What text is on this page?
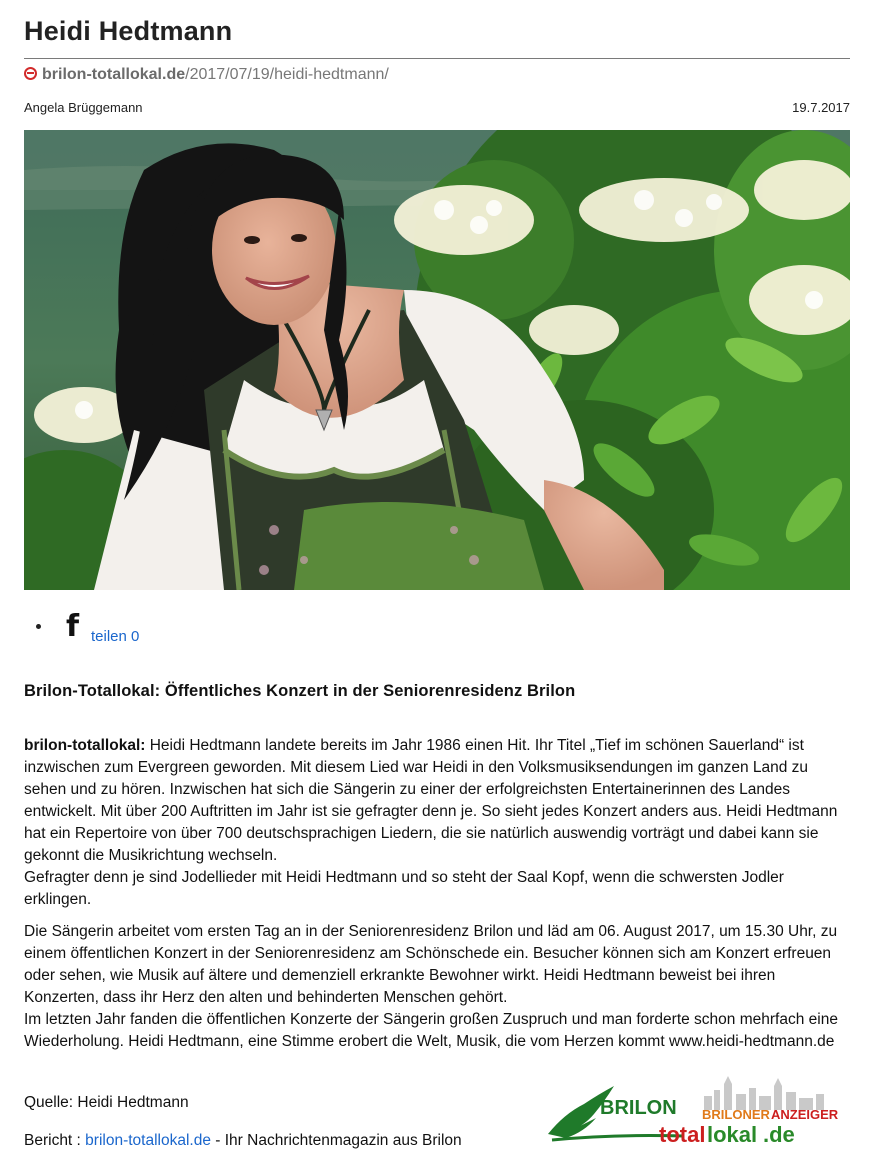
Heidi Hedtmann
brilon-totallokal.de/2017/07/19/heidi-hedtmann/
Angela Brüggemann	19.7.2017
f teilen 0
Brilon-Totallokal: Öffentliches Konzert in der Seniorenresidenz Brilon

brilon-totallokal: Heidi Hedtmann landete bereits im Jahr 1986 einen Hit. Ihr Titel „Tief im schönen Sauerland“ ist inzwischen zum Evergreen geworden. Mit diesem Lied war Heidi in den Volksmusiksendungen im ganzen Land zu sehen und zu hören. Inzwischen hat sich die Sängerin zu einer der erfolgreichsten Entertainerinnen des Landes entwickelt. Mit über 200 Auftritten im Jahr ist sie gefragter denn je. So sieht jedes Konzert anders aus. Heidi Hedtmann hat ein Repertoire von über 700 deutschsprachigen Liedern, die sie natürlich auswendig vorträgt und dabei kann sie gekonnt die Musikrichtung wechseln.

Gefragter denn je sind Jodellieder mit Heidi Hedtmann und so steht der Saal Kopf, wenn die schwersten Jodler erklingen.

Die Sängerin arbeitet vom ersten Tag an in der Seniorenresidenz Brilon und läd am 06. August 2017, um 15.30 Uhr, zu einem öffentlichen Konzert in der Seniorenresidenz am Schönschede ein. Besucher können sich am Konzert erfreuen oder sehen, wie Musik auf ältere und demenziell erkrankte Bewohner wirkt. Heidi Hedtmann beweist bei ihren Konzerten, dass ihr Herz den alten und behinderten Menschen gehört.

Im letzten Jahr fanden die öffentlichen Konzerte der Sängerin großen Zuspruch und man forderte schon mehrfach eine Wiederholung. Heidi Hedtmann, eine Stimme erobert die Welt, Musik, die vom Herzen kommt www.heidi-hedtmann.de

Quelle: Heidi Hedtmann
Bericht : brilon-totallokal.de - Ihr Nachrichtenmagazin aus Brilon
BRILON BRILONER ANZEIGER
total lokal .de
